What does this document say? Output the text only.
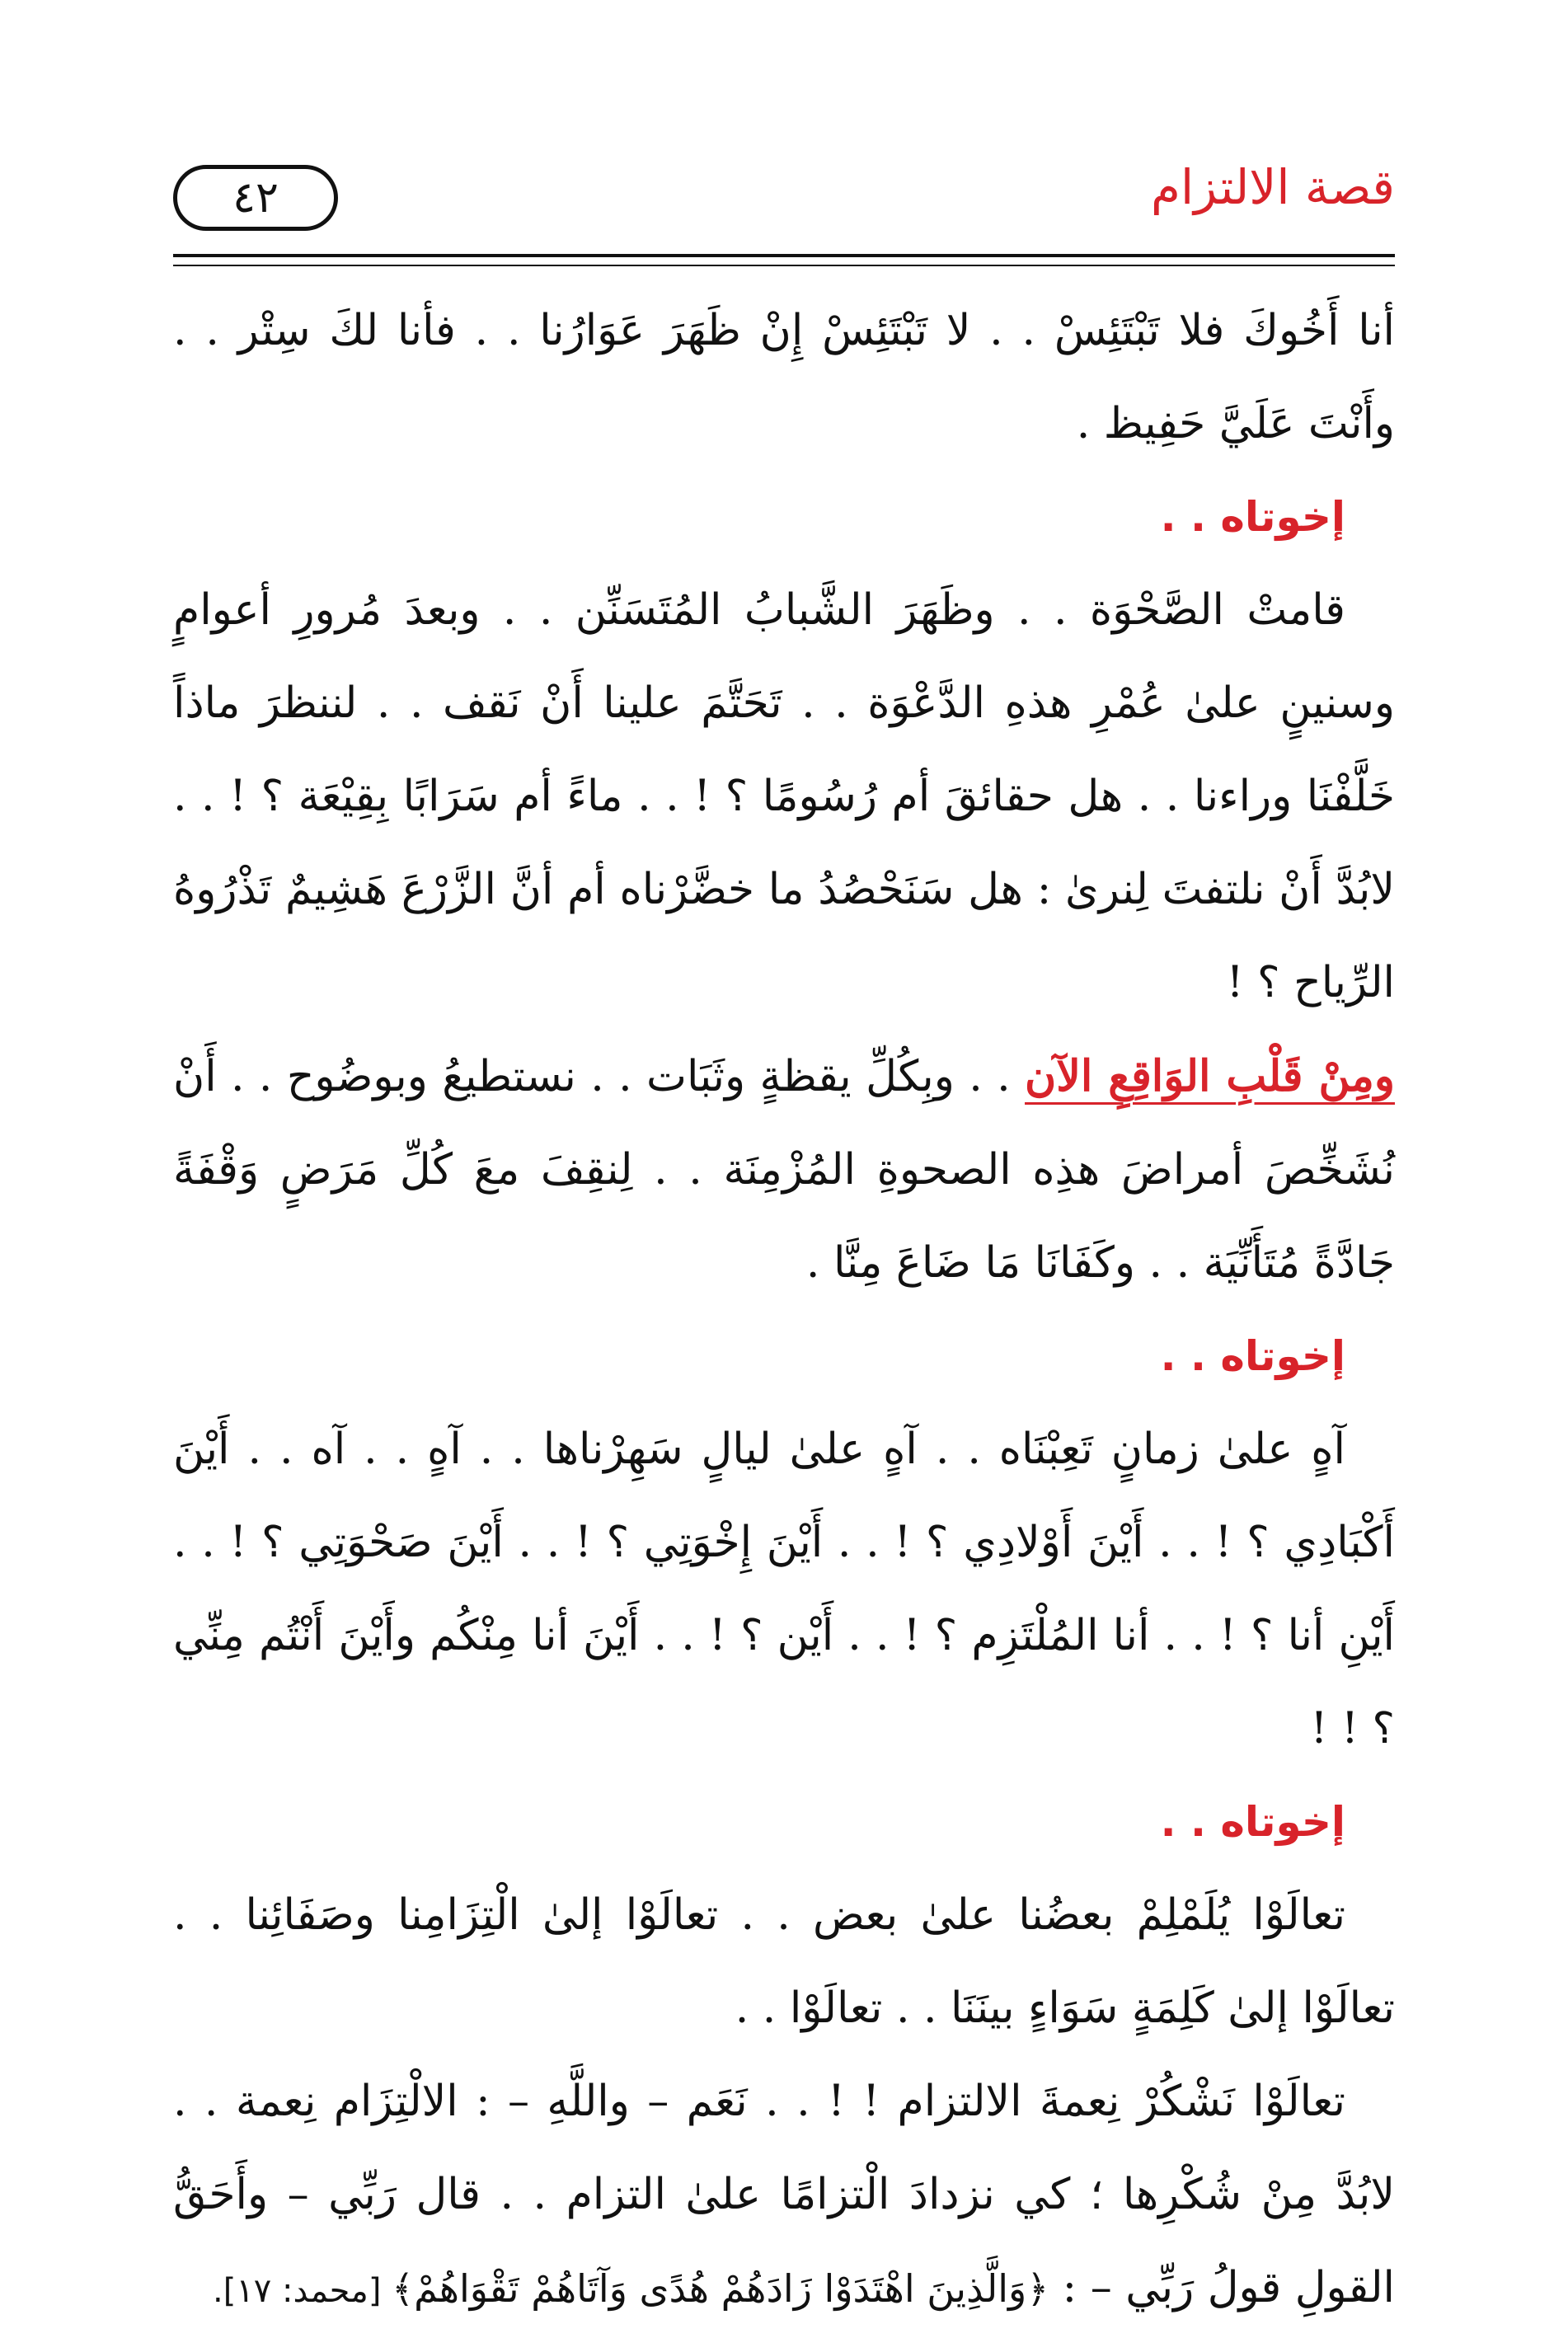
قصة الالتزام
٤٢

أنا أَخُوكَ فلا تَبْتَئِسْ . . لا تَبْتَئِسْ إِنْ ظَهَرَ عَوَارُنا . . فأنا لكَ سِتْر . . وأَنْتَ عَلَيَّ حَفِيظ .

إخوتاه . .

قامتْ الصَّحْوَة . . وظَهَرَ الشَّبابُ المُتَسَنِّن . . وبعدَ مُرورِ أعوامٍ وسنينٍ علىٰ عُمْرِ هذهِ الدَّعْوَة . . تَحَتَّمَ علينا أَنْ نَقف . . لننظرَ ماذاً خَلَّفْنَا وراءنا . . هل حقائقَ أم رُسُومًا ؟ ! . . ماءً أم سَرَابًا بِقِيْعَة ؟ ! . . لابُدَّ أَنْ نلتفتَ لِنرىٰ : هل سَنَحْصُدُ ما خضَّرْناه أم أنَّ الزَّرْعَ هَشِيمٌ تَذْرُوهُ الرِّياح ؟ !

ومِنْ قَلْبِ الوَاقِعِ الآن . . وبِكُلِّ يقظةٍ وثَبَات . . نستطيعُ وبوضُوح . . أَنْ نُشَخِّصَ أمراضَ هذِه الصحوةِ المُزْمِنَة . . لِنقِفَ معَ كُلِّ مَرَضٍ وَقْفَةً جَادَّةً مُتَأَنِّيَة . . وكَفَانَا مَا ضَاعَ مِنَّا .

إخوتاه . .

آهٍ علىٰ زمانٍ تَعِبْنَاه . . آهٍ علىٰ ليالٍ سَهِرْناها . . آهٍ . . آه . . أَيْنَ أَكْبَادِي ؟ ! . . أَيْنَ أَوْلادِي ؟ ! . . أَيْنَ إِخْوَتِي ؟ ! . . أَيْنَ صَحْوَتِي ؟ ! . . أَيْنِ أنا ؟ ! . . أنا المُلْتَزِم ؟ ! . . أَيْن ؟ ! . . أَيْنَ أنا مِنْكُم وأَيْنَ أَنْتُم مِنِّي ؟ ! !

إخوتاه . .

تعالَوْا يُلَمْلِمْ بعضُنا علىٰ بعض . . تعالَوْا إلىٰ الْتِزَامِنا وصَفَائِنا . . تعالَوْا إلىٰ كَلِمَةٍ سَوَاءٍ بينَنَا . . تعالَوْا . .

تعالَوْا نَشْكُرْ نِعمةَ الالتزام ! ! . . نَعَم – واللَّهِ – : الالْتِزَام نِعمة . . لابُدَّ مِنْ شُكْرِها ؛ كي نزدادَ الْتزامًا علىٰ التزام . . قال رَبِّي – وأَحَقُّ القولِ قولُ رَبِّي – : ﴿وَالَّذِينَ اهْتَدَوْا زَادَهُمْ هُدًى وَآتَاهُمْ تَقْوَاهُمْ﴾ [محمد: ١٧].
